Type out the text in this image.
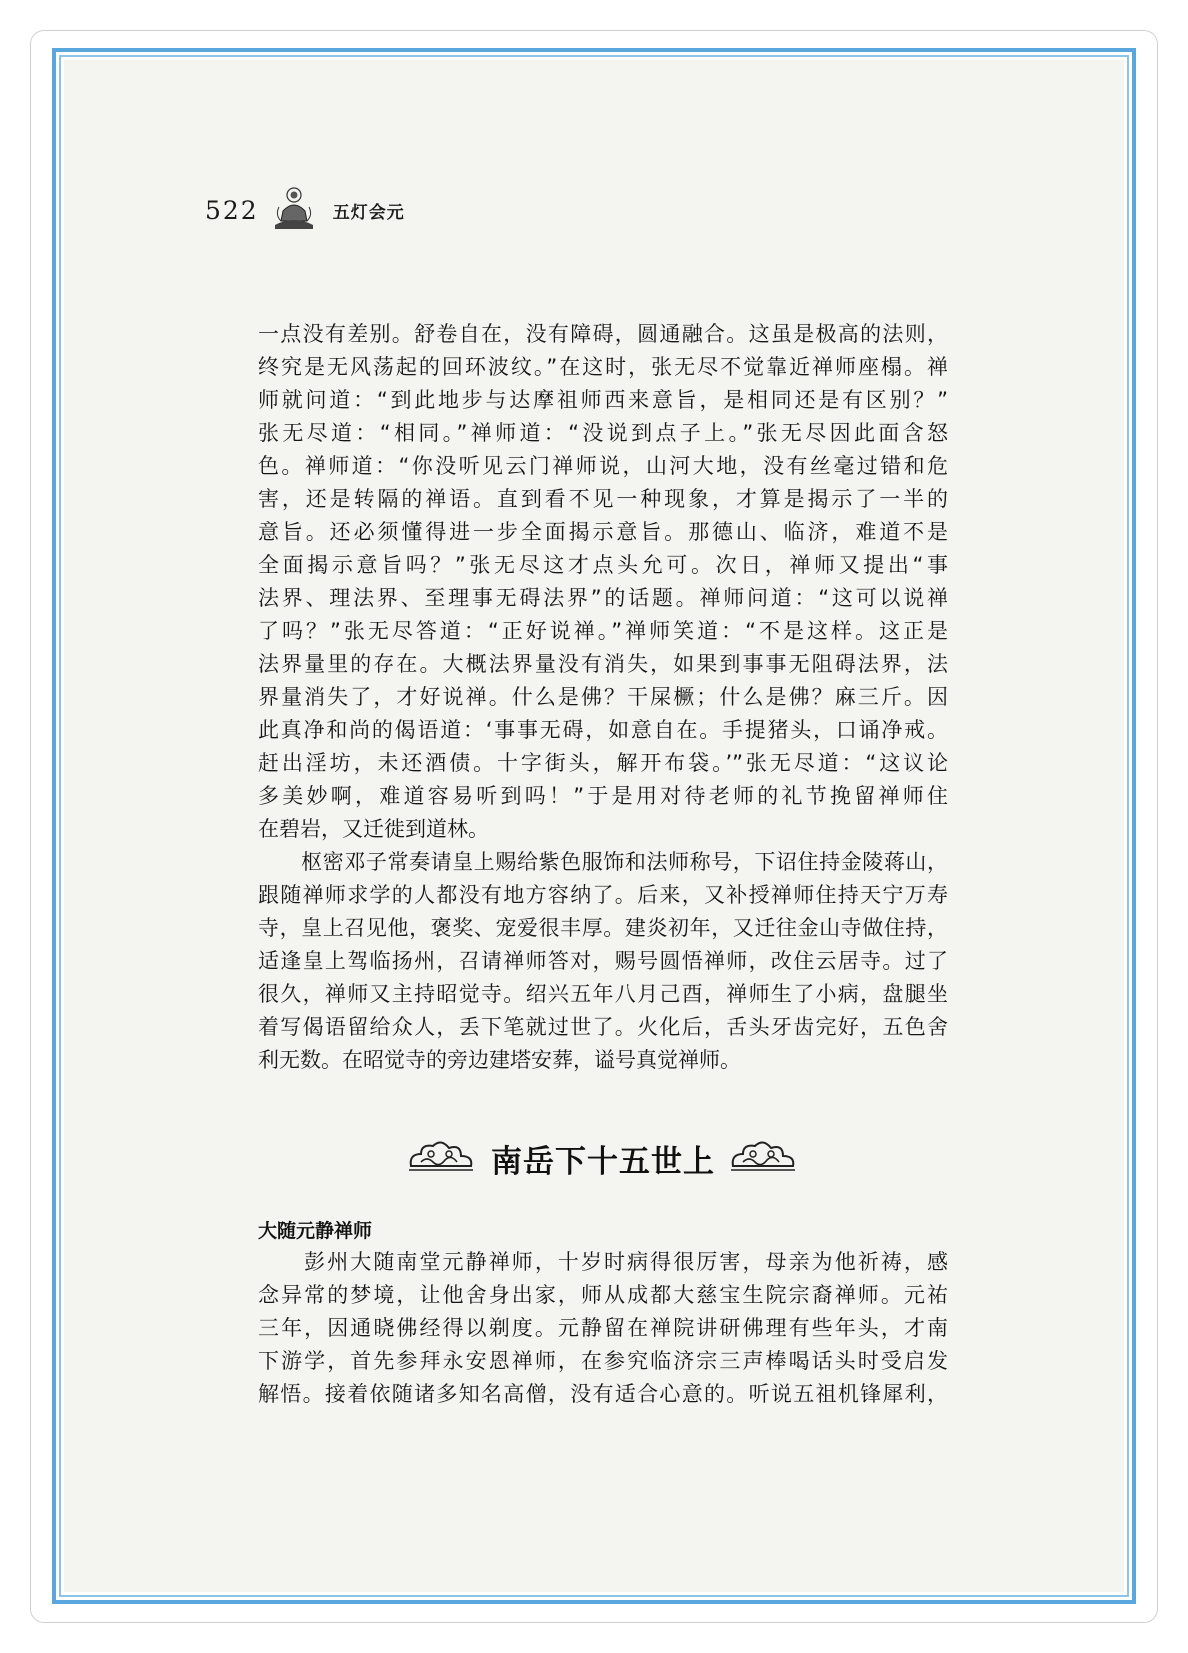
522	五灯会元
一点没有差别。舒卷自在，没有障碍，圆通融合。这虽是极高的法则，
终究是无风荡起的回环波纹。”在这时，张无尽不觉靠近禅师座榻。禅
师就问道：“到此地步与达摩祖师西来意旨，是相同还是有区别？”
张无尽道：“相同。”禅师道：“没说到点子上。”张无尽因此面含怒
色。禅师道：“你没听见云门禅师说，山河大地，没有丝毫过错和危
害，还是转隔的禅语。直到看不见一种现象，才算是揭示了一半的
意旨。还必须懂得进一步全面揭示意旨。那德山、临济，难道不是
全面揭示意旨吗？”张无尽这才点头允可。次日，禅师又提出“事
法界、理法界、至理事无碍法界”的话题。禅师问道：“这可以说禅
了吗？”张无尽答道：“正好说禅。”禅师笑道：“不是这样。这正是
法界量里的存在。大概法界量没有消失，如果到事事无阻碍法界，法
界量消失了，才好说禅。什么是佛？干屎橛；什么是佛？麻三斤。因
此真净和尚的偈语道：‘事事无碍，如意自在。手提猪头，口诵净戒。
赶出淫坊，未还酒债。十字街头，解开布袋。’”张无尽道：“这议论
多美妙啊，难道容易听到吗！”于是用对待老师的礼节挽留禅师住
在碧岩，又迁徙到道林。
　　枢密邓子常奏请皇上赐给紫色服饰和法师称号，下诏住持金陵蒋山，
跟随禅师求学的人都没有地方容纳了。后来，又补授禅师住持天宁万寿
寺，皇上召见他，褒奖、宠爱很丰厚。建炎初年，又迁往金山寺做住持，
适逢皇上驾临扬州，召请禅师答对，赐号圆悟禅师，改住云居寺。过了
很久，禅师又主持昭觉寺。绍兴五年八月己酉，禅师生了小病，盘腿坐
着写偈语留给众人，丢下笔就过世了。火化后，舌头牙齿完好，五色舍
利无数。在昭觉寺的旁边建塔安葬，谥号真觉禅师。
南岳下十五世上
大随元静禅师
　　彭州大随南堂元静禅师，十岁时病得很厉害，母亲为他祈祷，感
念异常的梦境，让他舍身出家，师从成都大慈宝生院宗裔禅师。元祐
三年，因通晓佛经得以剃度。元静留在禅院讲研佛理有些年头，才南
下游学，首先参拜永安恩禅师，在参究临济宗三声棒喝话头时受启发
解悟。接着依随诸多知名高僧，没有适合心意的。听说五祖机锋犀利，
